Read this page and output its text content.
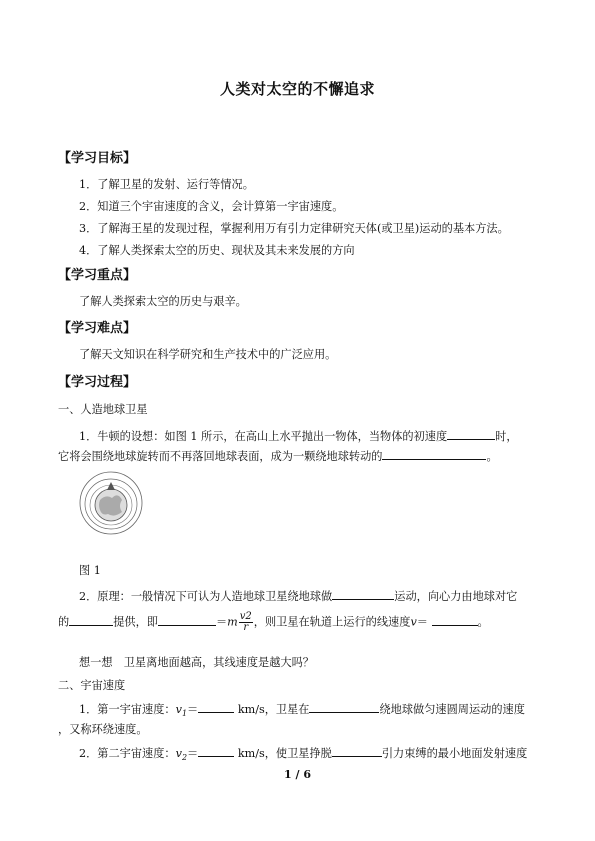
人类对太空的不懈追求
【学习目标】
1．了解卫星的发射、运行等情况。
2．知道三个宇宙速度的含义，会计算第一宇宙速度。
3．了解海王星的发现过程，掌握利用万有引力定律研究天体(或卫星)运动的基本方法。
4．了解人类探索太空的历史、现状及其未来发展的方向
【学习重点】
了解人类探索太空的历史与艰辛。
【学习难点】
了解天文知识在科学研究和生产技术中的广泛应用。
【学习过程】
一、人造地球卫星
1．牛顿的设想：如图 1 所示，在高山上水平抛出一物体，当物体的初速度	时，
它将会围绕地球旋转而不再落回地球表面，成为一颗绕地球转动的	。
图 1
2．原理：一般情况下可认为人造地球卫星绕地球做	运动，向心力由地球对它
的	提供，即	$=m \frac{v2}{r}$ ，则卫星在轨道上运行的线速度v＝	。
想一想　卫星离地面越高，其线速度是越大吗？
二、宇宙速度
1．第一宇宙速度：$v_1=$	km/s，卫星在	绕地球做匀速圆周运动的速度
，又称环绕速度。
2．第二宇宙速度：$v_2=$	km/s，使卫星挣脱	引力束缚的最小地面发射速度
1 / 6
